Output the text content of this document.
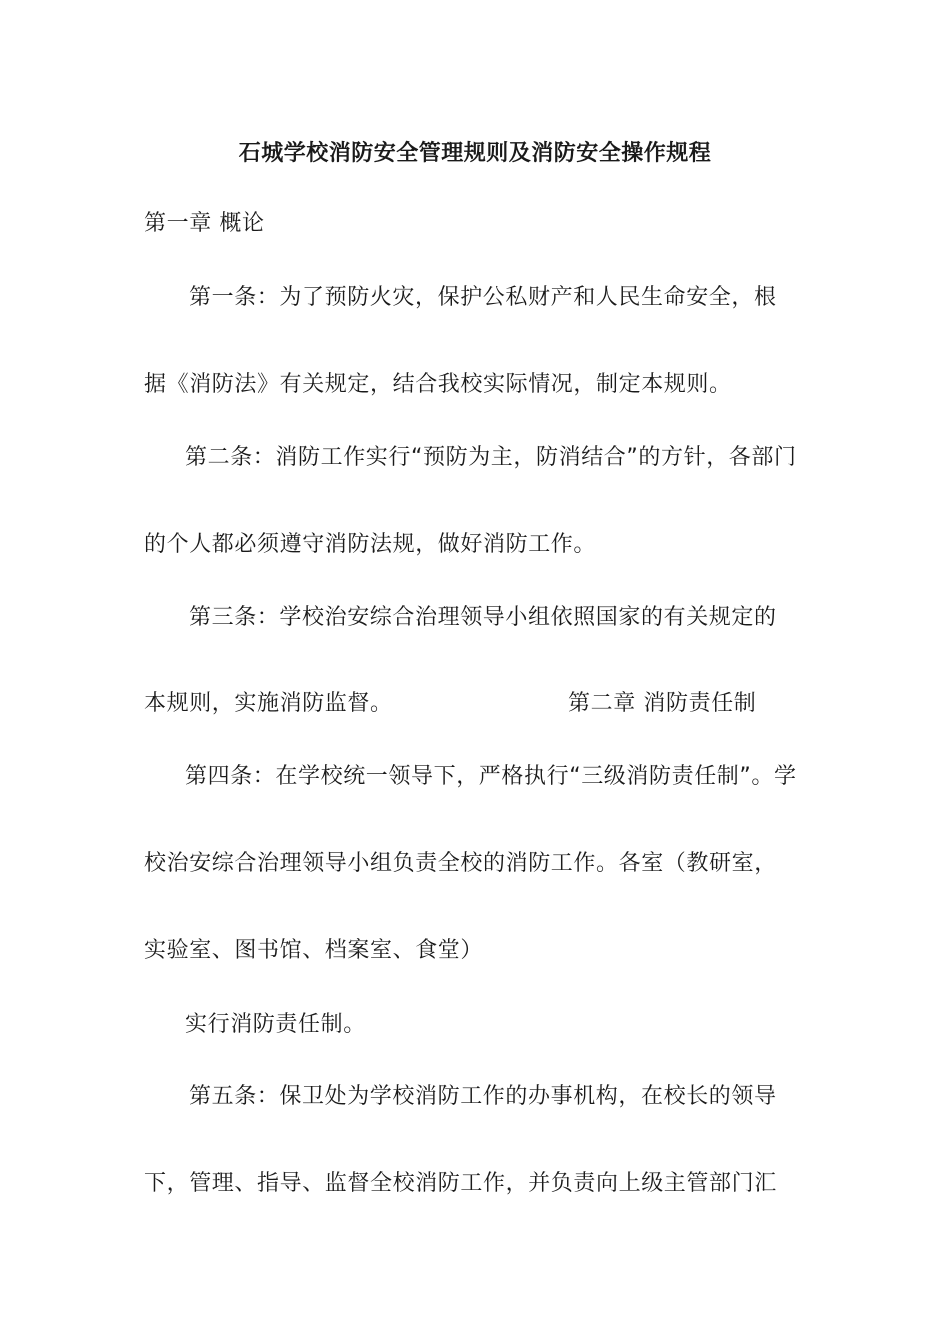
石城学校消防安全管理规则及消防安全操作规程
第一章 概论
第一条：为了预防火灾，保护公私财产和人民生命安全，根
据《消防法》有关规定，结合我校实际情况，制定本规则。
第二条：消防工作实行“预防为主，防消结合”的方针，各部门
的个人都必须遵守消防法规，做好消防工作。
第三条：学校治安综合治理领导小组依照国家的有关规定的
本规则，实施消防监督。	第二章 消防责任制
第四条：在学校统一领导下，严格执行“三级消防责任制”。学
校治安综合治理领导小组负责全校的消防工作。各室（教研室，
实验室、图书馆、档案室、食堂）
实行消防责任制。
第五条：保卫处为学校消防工作的办事机构，在校长的领导
下，管理、指导、监督全校消防工作，并负责向上级主管部门汇
